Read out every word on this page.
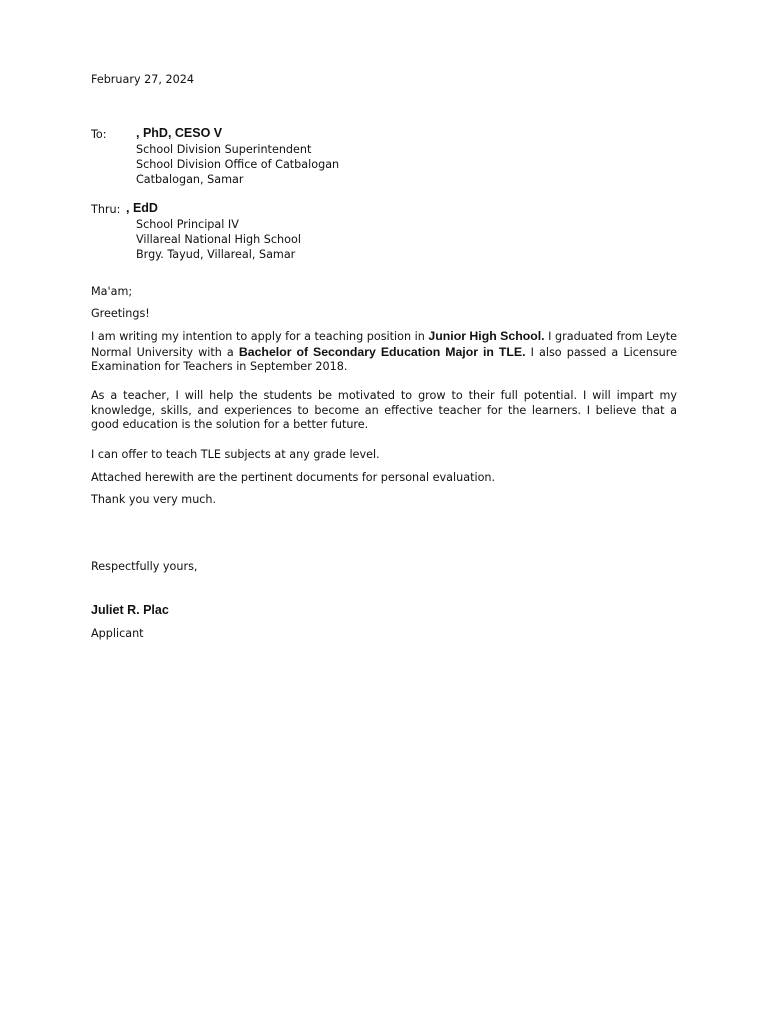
February 27, 2024
To: , PhD, CESO V
School Division Superintendent
School Division Office of Catbalogan
Catbalogan, Samar
Thru: , EdD
School Principal IV
Villareal National High School
Brgy. Tayud, Villareal, Samar
Ma'am;
Greetings!
I am writing my intention to apply for a teaching position in Junior High School. I graduated from Leyte Normal University with a Bachelor of Secondary Education Major in TLE. I also passed a Licensure Examination for Teachers in September 2018.
As a teacher, I will help the students be motivated to grow to their full potential. I will impart my knowledge, skills, and experiences to become an effective teacher for the learners. I believe that a good education is the solution for a better future.
I can offer to teach TLE subjects at any grade level.
Attached herewith are the pertinent documents for personal evaluation.
Thank you very much.
Respectfully yours,
Juliet R. Plac
Applicant
